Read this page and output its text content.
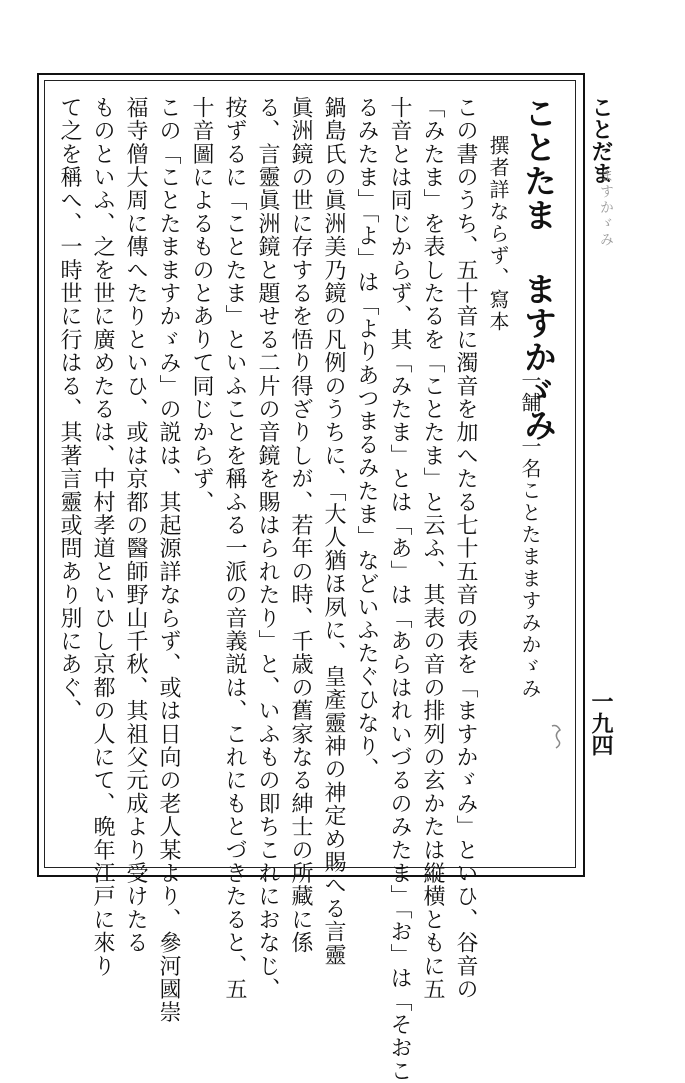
ことだま
ますかゞみ
一九四
ことたま ますかゞみ
一舗　一名ことたまますみかゞみ
撰者詳ならず、寫本
この書のうち、五十音に濁音を加へたる七十五音の表を「ますかゞみ」といひ、谷音の
「みたま」を表したるを「ことたま」と云ふ、其表の音の排列の玄かたは縦横ともに五
十音とは同じからず、其「みたま」とは「あ」は「あらはれいづるのみたま」「お」は「そおこ
るみたま」「よ」は「よりあつまるみたま」などいふたぐひなり、
鍋島氏の眞洲美乃鏡の凡例のうちに、「大人猶ほ夙に、皇產靈神の神定め賜へる言靈
眞洲鏡の世に存するを悟り得ざりしが、若年の時、千歳の舊家なる紳士の所藏に係
る、言靈眞洲鏡と題せる二片の音鏡を賜はられたり」と、いふもの即ちこれにおなじ、
按ずるに「ことたま」といふことを稱ふる一派の音義説は、これにもとづきたると、五
十音圖によるものとありて同じからず、
この「ことたまますかゞみ」の説は、其起源詳ならず、或は日向の老人某より、參河國崇
福寺僧大周に傳へたりといひ、或は京都の醫師野山千秋、其祖父元成より受けたる
ものといふ、之を世に廣めたるは、中村孝道といひし京都の人にて、晩年江戸に來り
て之を稱へ、一時世に行はる、其著言靈或問あり別にあぐ、
